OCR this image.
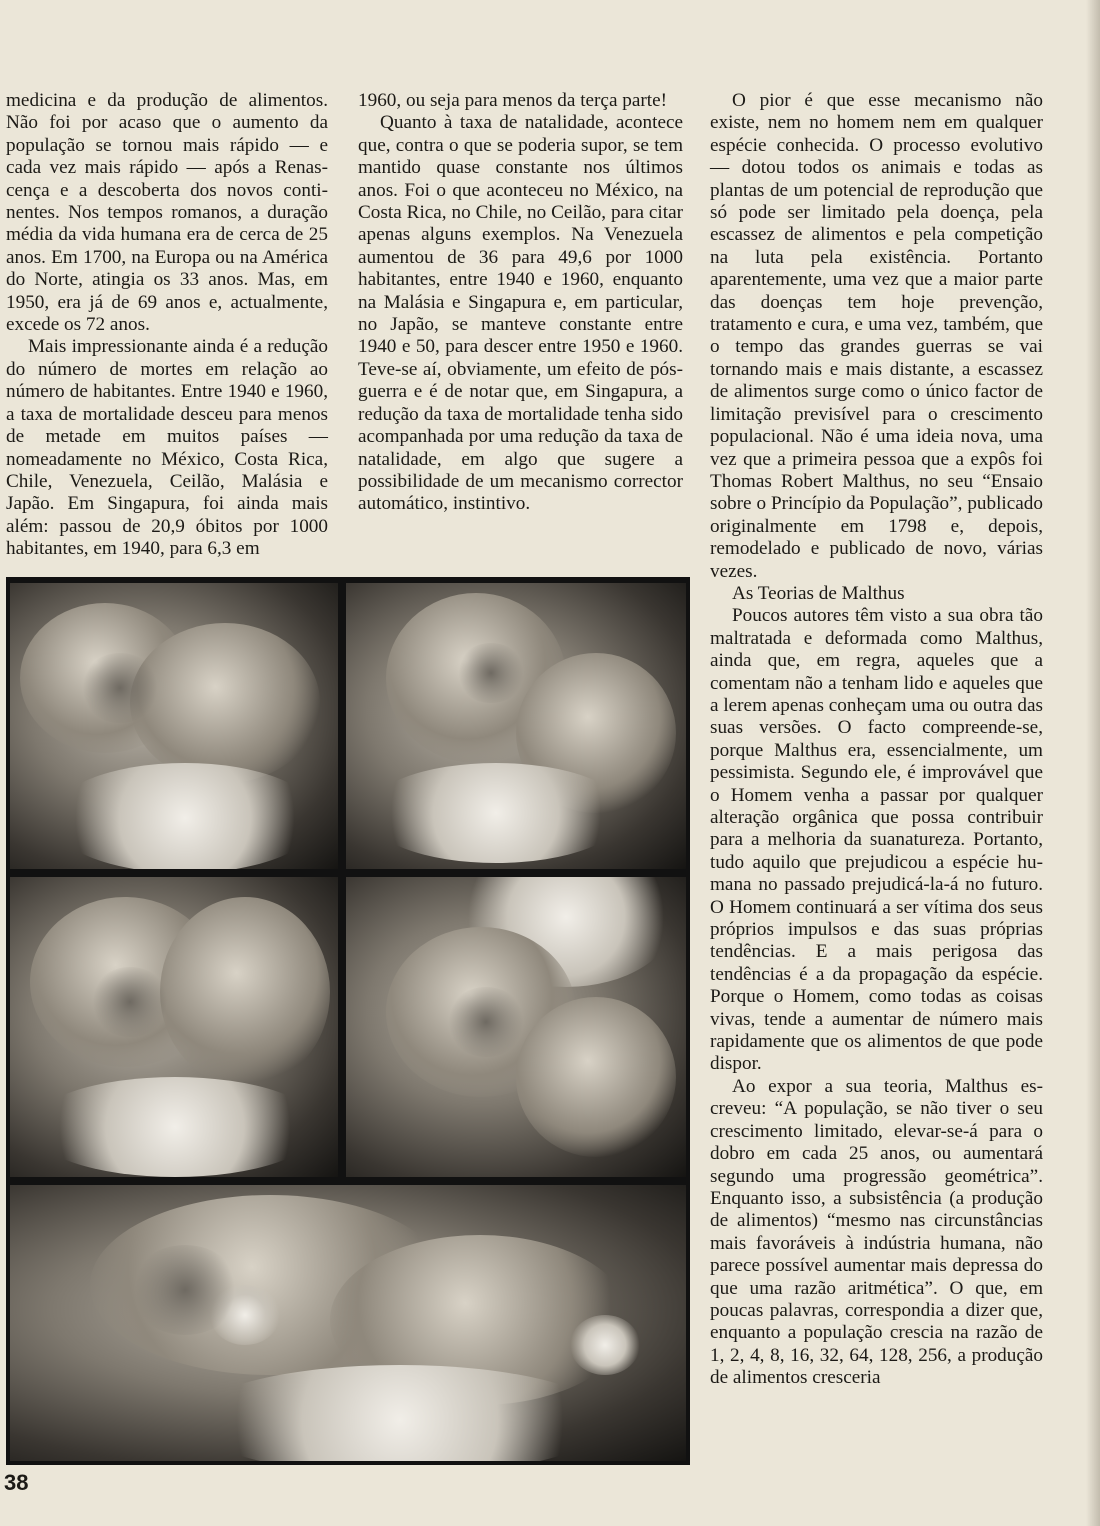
medicina e da produção de alimentos. Não foi por acaso que o aumento da população se tornou mais rápido — e cada vez mais rápido — após a Renascença e a descoberta dos novos continentes. Nos tempos romanos, a duração média da vida humana era de cerca de 25 anos. Em 1700, na Europa ou na América do Norte, atingia os 33 anos. Mas, em 1950, era já de 69 anos e, actualmente, excede os 72 anos.

Mais impressionante ainda é a redução do número de mortes em relação ao número de habitantes. Entre 1940 e 1960, a taxa de mortalidade desceu para menos de metade em muitos países — nomeadamente no México, Costa Rica, Chile, Venezuela, Ceilão, Malásia e Japão. Em Singapura, foi ainda mais além: passou de 20,9 óbitos por 1000 habitantes, em 1940, para 6,3 em

1960, ou seja para menos da terça parte!

Quanto à taxa de natalidade, acontece que, contra o que se poderia supor, se tem mantido quase constante nos últimos anos. Foi o que aconteceu no México, na Costa Rica, no Chile, no Ceilão, para citar apenas alguns exemplos. Na Venezuela aumentou de 36 para 49,6 por 1000 habitantes, entre 1940 e 1960, enquanto na Malásia e Singapura e, em particular, no Japão, se manteve constante entre 1940 e 50, para descer entre 1950 e 1960. Teve-se aí, obviamente, um efeito de pós-guerra e é de notar que, em Singapura, a redução da taxa de mortalidade tenha sido acompanhada por uma redução da taxa de natalidade, em algo que sugere a possibilidade de um mecanismo corrector automático, instintivo.

O pior é que esse mecanismo não existe, nem no homem nem em qualquer espécie conhecida. O processo evolutivo — dotou todos os animais e todas as plantas de um potencial de reprodução que só pode ser limitado pela doença, pela escassez de alimentos e pela competição na luta pela existência. Portanto aparentemente, uma vez que a maior parte das doenças tem hoje prevenção, tratamento e cura, e uma vez, também, que o tempo das grandes guerras se vai tornando mais e mais distante, a escassez de alimentos surge como o único factor de limitação previsível para o crescimento populacional. Não é uma ideia nova, uma vez que a primeira pessoa que a expôs foi Thomas Robert Malthus, no seu “Ensaio sobre o Princípio da População”, publicado originalmente em 1798 e, depois, remodelado e publicado de novo, várias vezes.

As Teorias de Malthus

Poucos autores têm visto a sua obra tão maltratada e deformada como Malthus, ainda que, em regra, aqueles que a comentam não a tenham lido e aqueles que a lerem apenas conheçam uma ou outra das suas versões. O facto compreende-se, porque Malthus era, essencialmente, um pessimista. Segundo ele, é improvável que o Homem venha a passar por qualquer alteração orgânica que possa contribuir para a melhoria da suanatureza. Portanto, tudo aquilo que prejudicou a espécie humana no passado prejudicá-la-á no futuro. O Homem continuará a ser vítima dos seus próprios impulsos e das suas próprias tendências. E a mais perigosa das tendências é a da propagação da espécie. Porque o Homem, como todas as coisas vivas, tende a aumentar de número mais rapidamente que os alimentos de que pode dispor.

Ao expor a sua teoria, Malthus escreveu: “A população, se não tiver o seu crescimento limitado, elevar-se-á para o dobro em cada 25 anos, ou aumentará segundo uma progressão geométrica”. Enquanto isso, a subsistência (a produção de alimentos) “mesmo nas circunstâncias mais favoráveis à indústria humana, não parece possível aumentar mais depressa do que uma razão aritmética”. O que, em poucas palavras, correspondia a dizer que, enquanto a população crescia na razão de 1, 2, 4, 8, 16, 32, 64, 128, 256, a produção de alimentos cresceria

38
